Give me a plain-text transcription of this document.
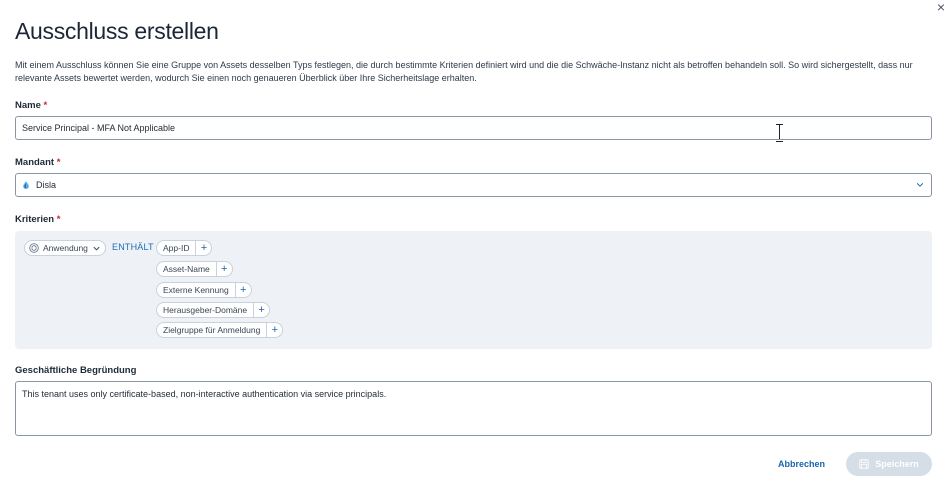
×
Ausschluss erstellen

Mit einem Ausschluss können Sie eine Gruppe von Assets desselben Typs festlegen, die durch bestimmte Kriterien definiert wird und die die Schwäche-Instanz nicht als betroffen behandeln soll. So wird sichergestellt, dass nur relevante Assets bewertet werden, wodurch Sie einen noch genaueren Überblick über Ihre Sicherheitslage erhalten.

Name *
Service Principal - MFA Not Applicable
Mandant *
Disla
Kriterien *
Anwendung	ENTHÄLT	App-ID	+
Asset-Name	+
Externe Kennung	+
Herausgeber-Domäne	+
Zielgruppe für Anmeldung	+
Geschäftliche Begründung
This tenant uses only certificate-based, non-interactive authentication via service principals.
Abbrechen	Speichern
